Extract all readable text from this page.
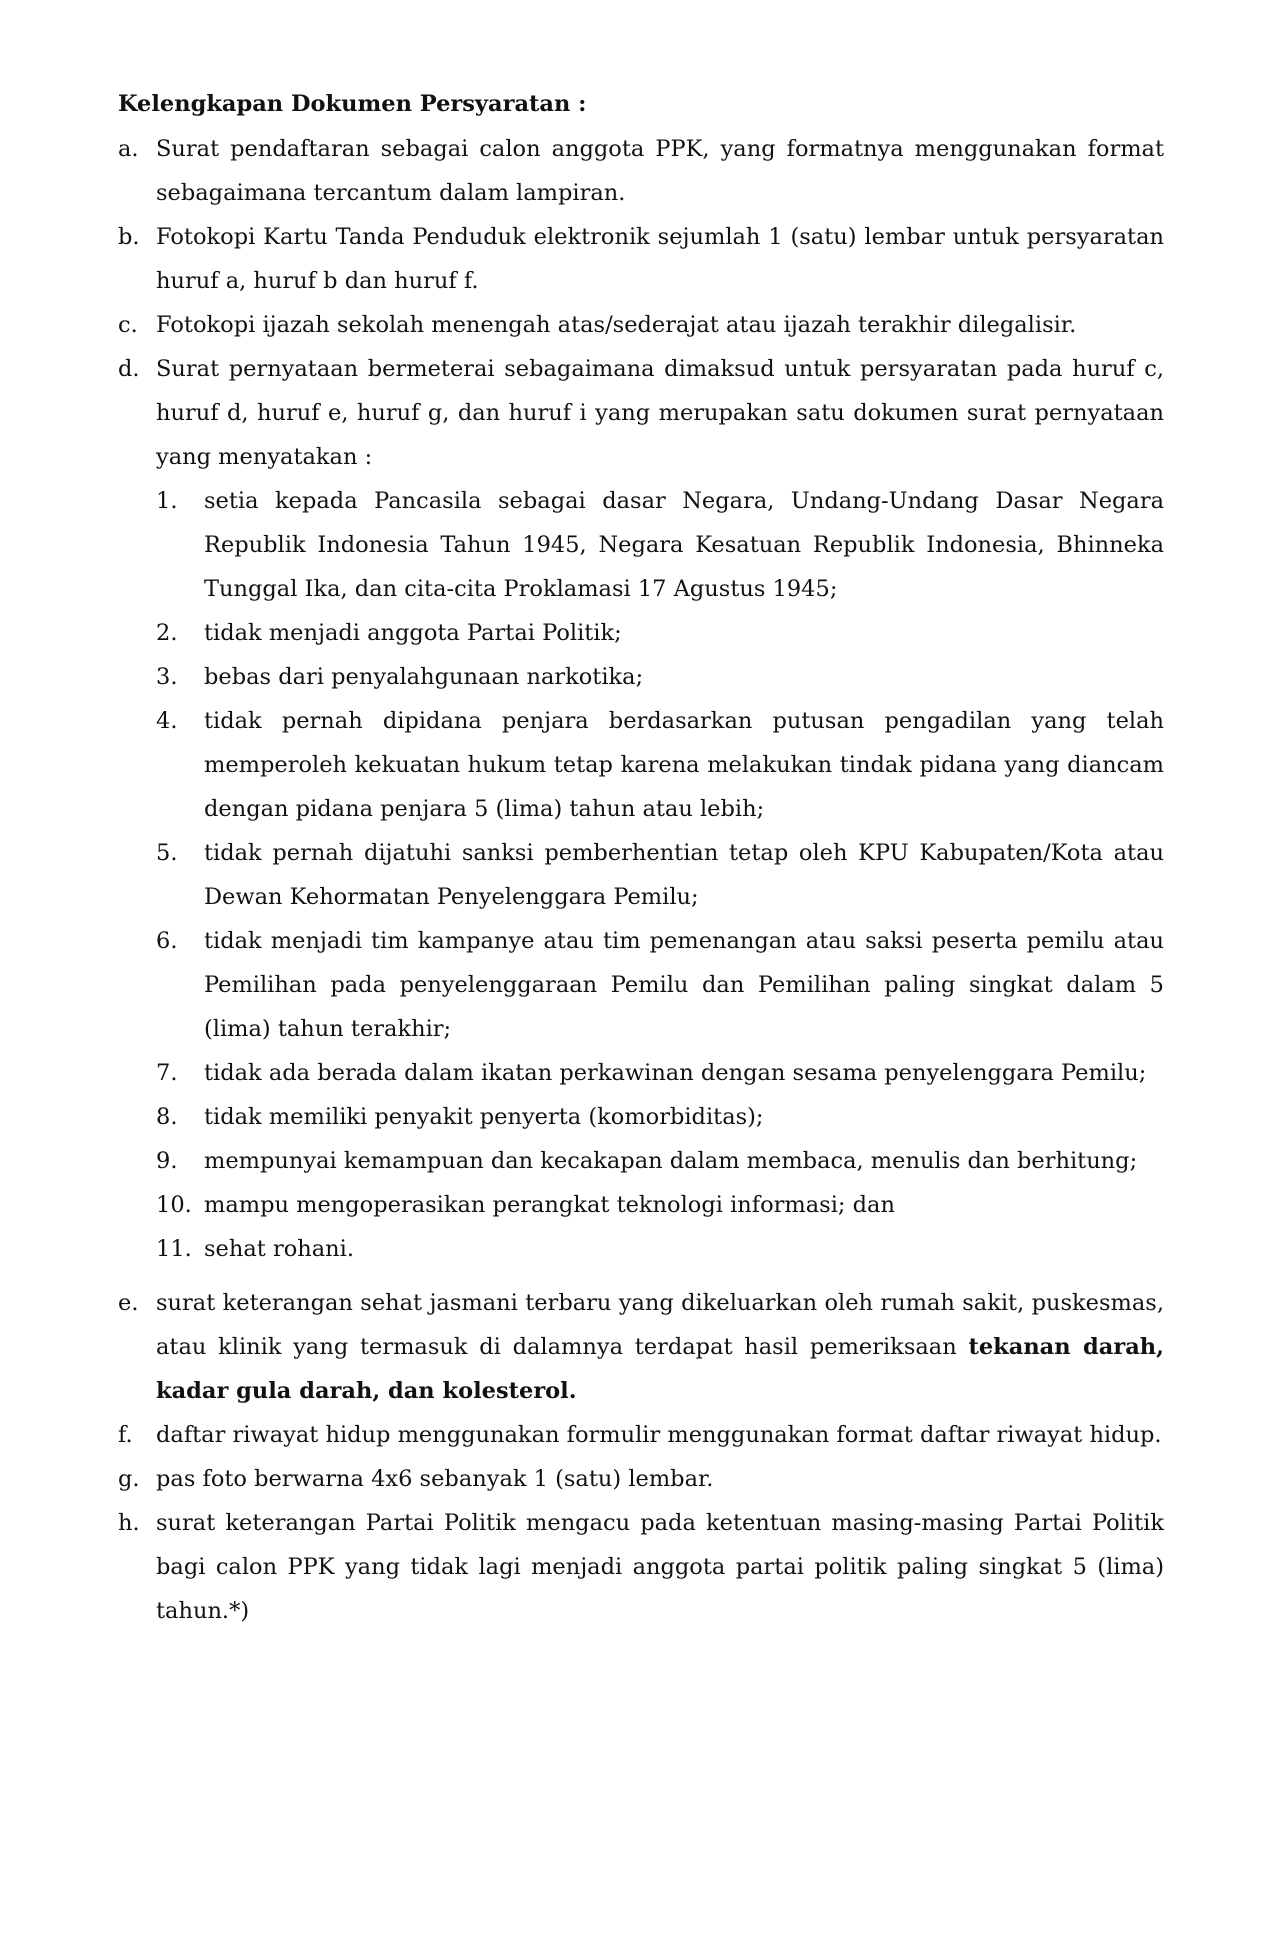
Kelengkapan Dokumen Persyaratan :
a. Surat pendaftaran sebagai calon anggota PPK, yang formatnya menggunakan format sebagaimana tercantum dalam lampiran.
b. Fotokopi Kartu Tanda Penduduk elektronik sejumlah 1 (satu) lembar untuk persyaratan huruf a, huruf b dan huruf f.
c. Fotokopi ijazah sekolah menengah atas/sederajat atau ijazah terakhir dilegalisir.
d. Surat pernyataan bermeterai sebagaimana dimaksud untuk persyaratan pada huruf c, huruf d, huruf e, huruf g, dan huruf i yang merupakan satu dokumen surat pernyataan yang menyatakan :
1.	setia kepada Pancasila sebagai dasar Negara, Undang-Undang Dasar Negara Republik Indonesia Tahun 1945, Negara Kesatuan Republik Indonesia, Bhinneka Tunggal Ika, dan cita-cita Proklamasi 17 Agustus 1945;
2.	tidak menjadi anggota Partai Politik;
3.	bebas dari penyalahgunaan narkotika;
4.	tidak pernah dipidana penjara berdasarkan putusan pengadilan yang telah memperoleh kekuatan hukum tetap karena melakukan tindak pidana yang diancam dengan pidana penjara 5 (lima) tahun atau lebih;
5.	tidak pernah dijatuhi sanksi pemberhentian tetap oleh KPU Kabupaten/Kota atau Dewan Kehormatan Penyelenggara Pemilu;
6.	tidak menjadi tim kampanye atau tim pemenangan atau saksi peserta pemilu atau Pemilihan pada penyelenggaraan Pemilu dan Pemilihan paling singkat dalam 5 (lima) tahun terakhir;
7.	tidak ada berada dalam ikatan perkawinan dengan sesama penyelenggara Pemilu;
8.	tidak memiliki penyakit penyerta (komorbiditas);
9.	mempunyai kemampuan dan kecakapan dalam membaca, menulis dan berhitung;
10. mampu mengoperasikan perangkat teknologi informasi; dan
11. sehat rohani.
e. surat keterangan sehat jasmani terbaru yang dikeluarkan oleh rumah sakit, puskesmas, atau klinik yang termasuk di dalamnya terdapat hasil pemeriksaan tekanan darah, kadar gula darah, dan kolesterol.
f.	daftar riwayat hidup menggunakan formulir menggunakan format daftar riwayat hidup.
g. pas foto berwarna 4x6 sebanyak 1 (satu) lembar.
h. surat keterangan Partai Politik mengacu pada ketentuan masing-masing Partai Politik bagi calon PPK yang tidak lagi menjadi anggota partai politik paling singkat 5 (lima) tahun.*)
